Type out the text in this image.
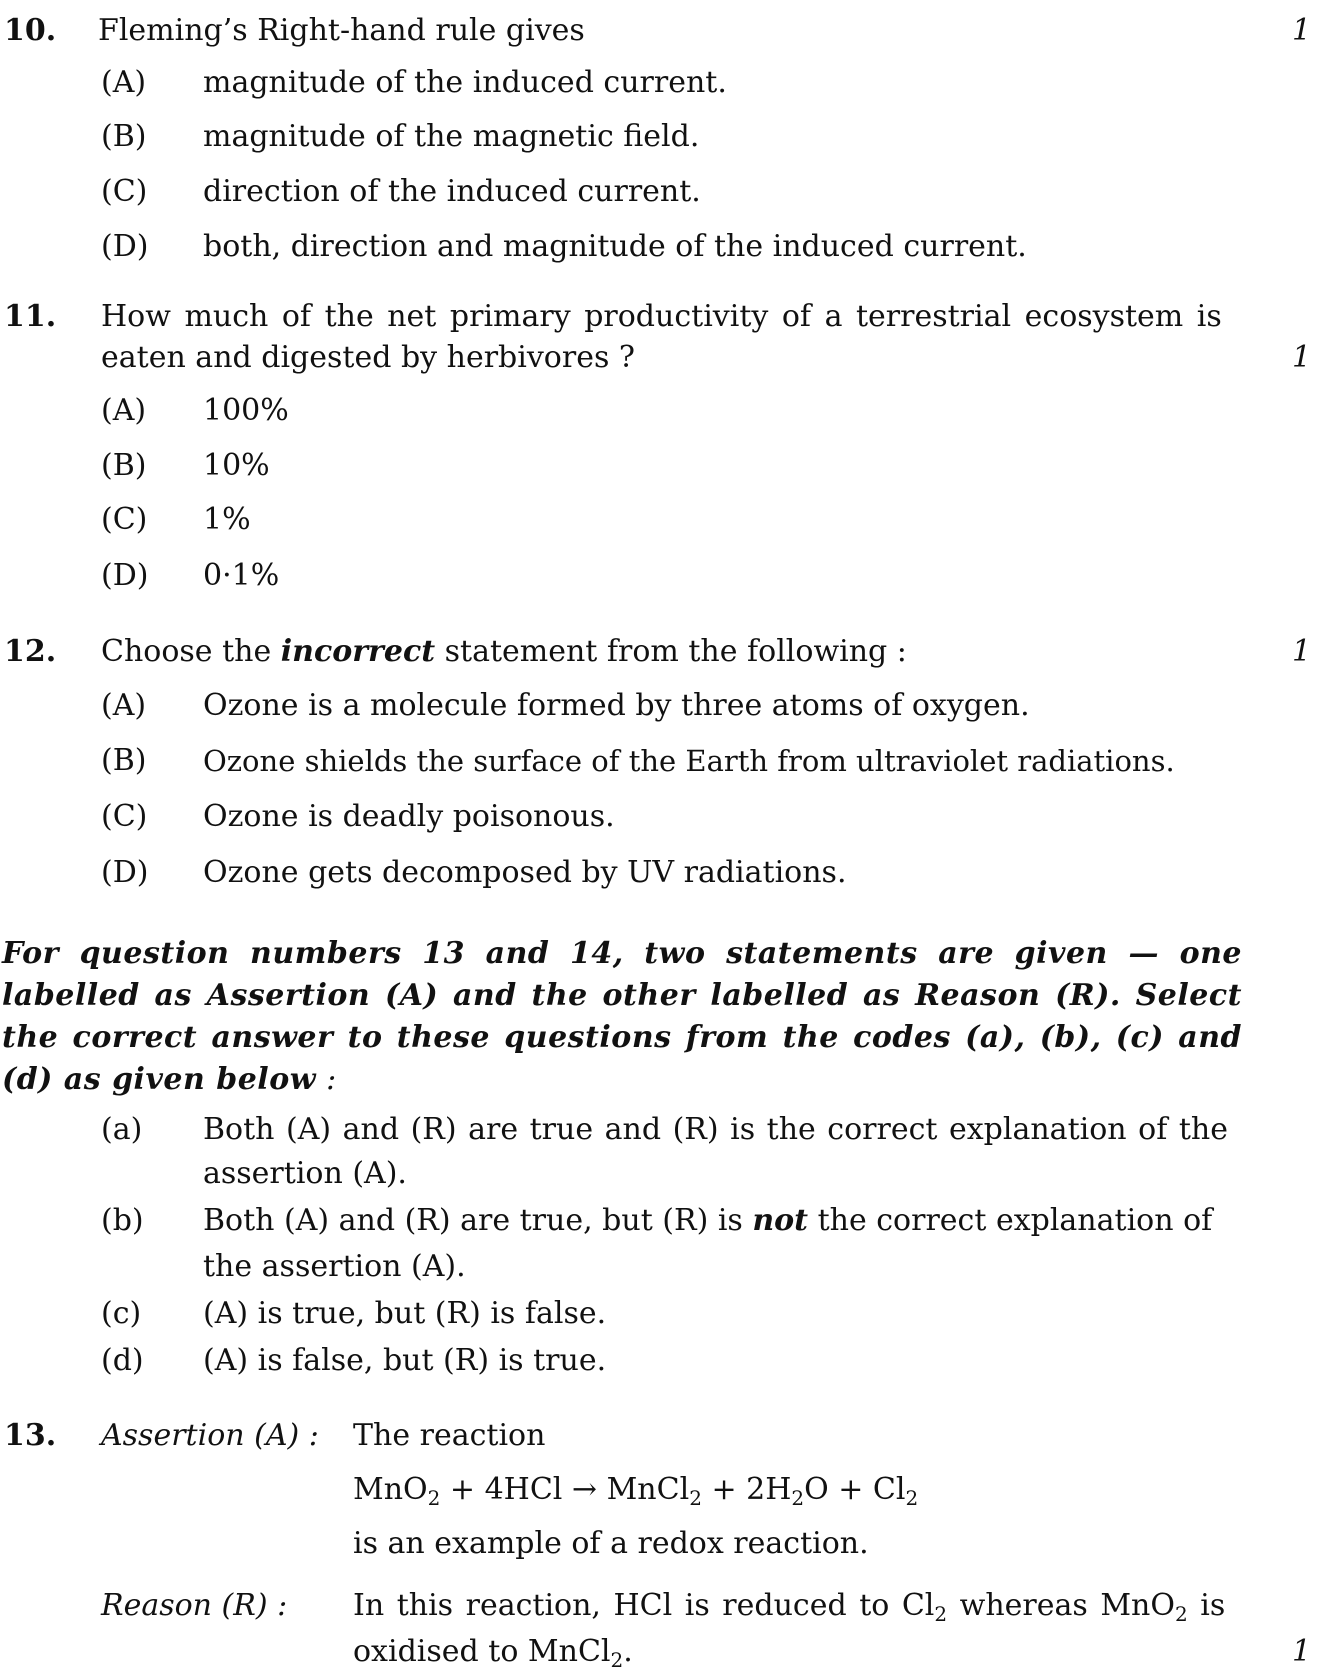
10. Fleming’s Right-hand rule gives	1
(A) magnitude of the induced current.
(B) magnitude of the magnetic field.
(C) direction of the induced current.
(D) both, direction and magnitude of the induced current.
11. How much of the net primary productivity of a terrestrial ecosystem is
eaten and digested by herbivores ?	1
(A) 100%
(B) 10%
(C) 1%
(D) 0·1%
12. Choose the incorrect statement from the following :	1
(A) Ozone is a molecule formed by three atoms of oxygen.
(B) Ozone shields the surface of the Earth from ultraviolet radiations.
(C) Ozone is deadly poisonous.
(D) Ozone gets decomposed by UV radiations.
For question numbers 13 and 14, two statements are given — one labelled as Assertion (A) and the other labelled as Reason (R). Select the correct answer to these questions from the codes (a), (b), (c) and (d) as given below :
(a) Both (A) and (R) are true and (R) is the correct explanation of the
assertion (A).
(b) Both (A) and (R) are true, but (R) is not the correct explanation of
the assertion (A).
(c) (A) is true, but (R) is false.
(d) (A) is false, but (R) is true.
13. Assertion (A) : The reaction
MnO$_2$ + 4HCl → MnCl$_2$ + $2H_2O + Cl_2$
is an example of a redox reaction.
Reason (R) : In this reaction, HCl is reduced to $Cl_2$ whereas MnO$_2$ is
oxidised to MnCl$_2$.	1
